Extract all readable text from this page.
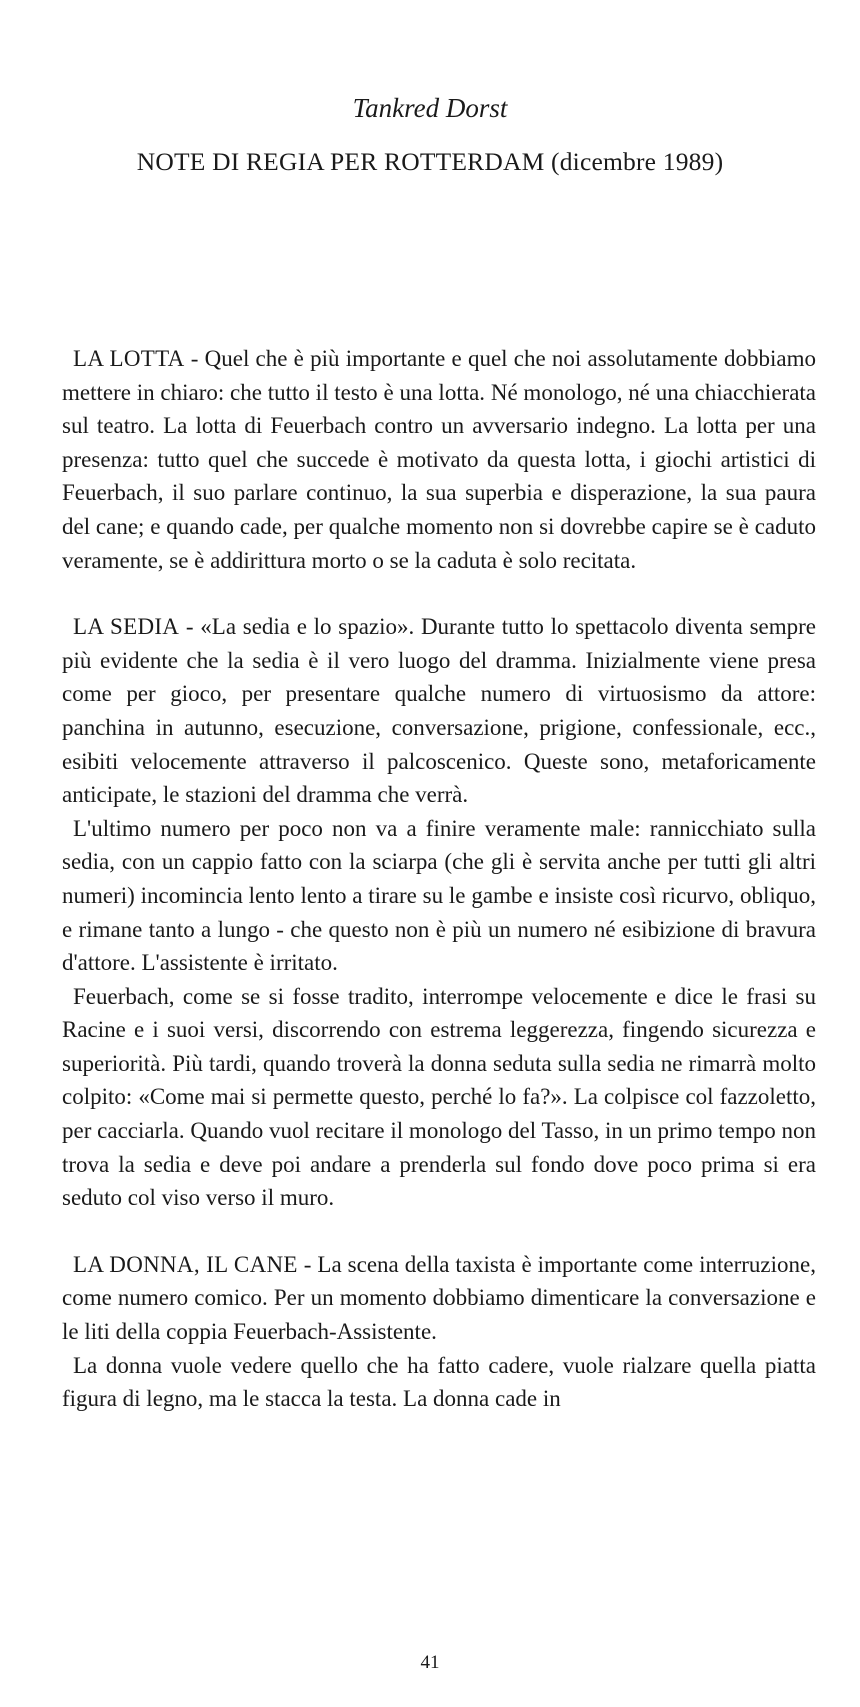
Tankred Dorst
NOTE DI REGIA PER ROTTERDAM (dicembre 1989)

LA LOTTA - Quel che è più importante e quel che noi assolutamente dobbiamo mettere in chiaro: che tutto il testo è una lotta. Né monologo, né una chiacchierata sul teatro. La lotta di Feuerbach contro un avversario indegno. La lotta per una presenza: tutto quel che succede è motivato da questa lotta, i giochi artistici di Feuerbach, il suo parlare continuo, la sua superbia e disperazione, la sua paura del cane; e quando cade, per qualche momento non si dovrebbe capire se è caduto veramente, se è addirittura morto o se la caduta è solo recitata.

LA SEDIA - «La sedia e lo spazio». Durante tutto lo spettacolo diventa sempre più evidente che la sedia è il vero luogo del dramma. Inizialmente viene presa come per gioco, per presentare qualche numero di virtuosismo da attore: panchina in autunno, esecuzione, conversazione, prigione, confessionale, ecc., esibiti velocemente attraverso il palcoscenico. Queste sono, metaforicamente anticipate, le stazioni del dramma che verrà.

L'ultimo numero per poco non va a finire veramente male: rannicchiato sulla sedia, con un cappio fatto con la sciarpa (che gli è servita anche per tutti gli altri numeri) incomincia lento lento a tirare su le gambe e insiste così ricurvo, obliquo, e rimane tanto a lungo - che questo non è più un numero né esibizione di bravura d'attore. L'assistente è irritato.

Feuerbach, come se si fosse tradito, interrompe velocemente e dice le frasi su Racine e i suoi versi, discorrendo con estrema leggerezza, fingendo sicurezza e superiorità. Più tardi, quando troverà la donna seduta sulla sedia ne rimarrà molto colpito: «Come mai si permette questo, perché lo fa?». La colpisce col fazzoletto, per cacciarla. Quando vuol recitare il monologo del Tasso, in un primo tempo non trova la sedia e deve poi andare a prenderla sul fondo dove poco prima si era seduto col viso verso il muro.

LA DONNA, IL CANE - La scena della taxista è importante come interruzione, come numero comico. Per un momento dobbiamo dimenticare la conversazione e le liti della coppia Feuerbach-Assistente.

La donna vuole vedere quello che ha fatto cadere, vuole rialzare quella piatta figura di legno, ma le stacca la testa. La donna cade in

41
